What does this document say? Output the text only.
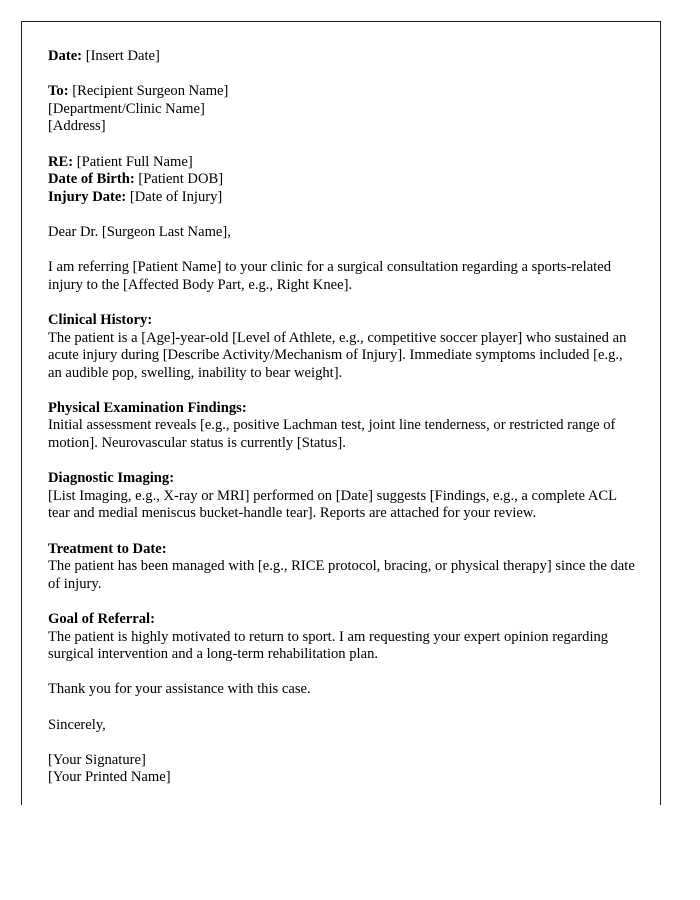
Date: [Insert Date]
To: [Recipient Surgeon Name]
[Department/Clinic Name]
[Address]
RE: [Patient Full Name]
Date of Birth: [Patient DOB]
Injury Date: [Date of Injury]
Dear Dr. [Surgeon Last Name],

I am referring [Patient Name] to your clinic for a surgical consultation regarding a sports-related injury to the [Affected Body Part, e.g., Right Knee].

Clinical History:

The patient is a [Age]-year-old [Level of Athlete, e.g., competitive soccer player] who sustained an acute injury during [Describe Activity/Mechanism of Injury]. Immediate symptoms included [e.g., an audible pop, swelling, inability to bear weight].

Physical Examination Findings:

Initial assessment reveals [e.g., positive Lachman test, joint line tenderness, or restricted range of motion]. Neurovascular status is currently [Status].

Diagnostic Imaging:

[List Imaging, e.g., X-ray or MRI] performed on [Date] suggests [Findings, e.g., a complete ACL tear and medial meniscus bucket-handle tear]. Reports are attached for your review.

Treatment to Date:

The patient has been managed with [e.g., RICE protocol, bracing, or physical therapy] since the date of injury.

Goal of Referral:

The patient is highly motivated to return to sport. I am requesting your expert opinion regarding surgical intervention and a long-term rehabilitation plan.

Thank you for your assistance with this case.
Sincerely,
[Your Signature]
[Your Printed Name]
